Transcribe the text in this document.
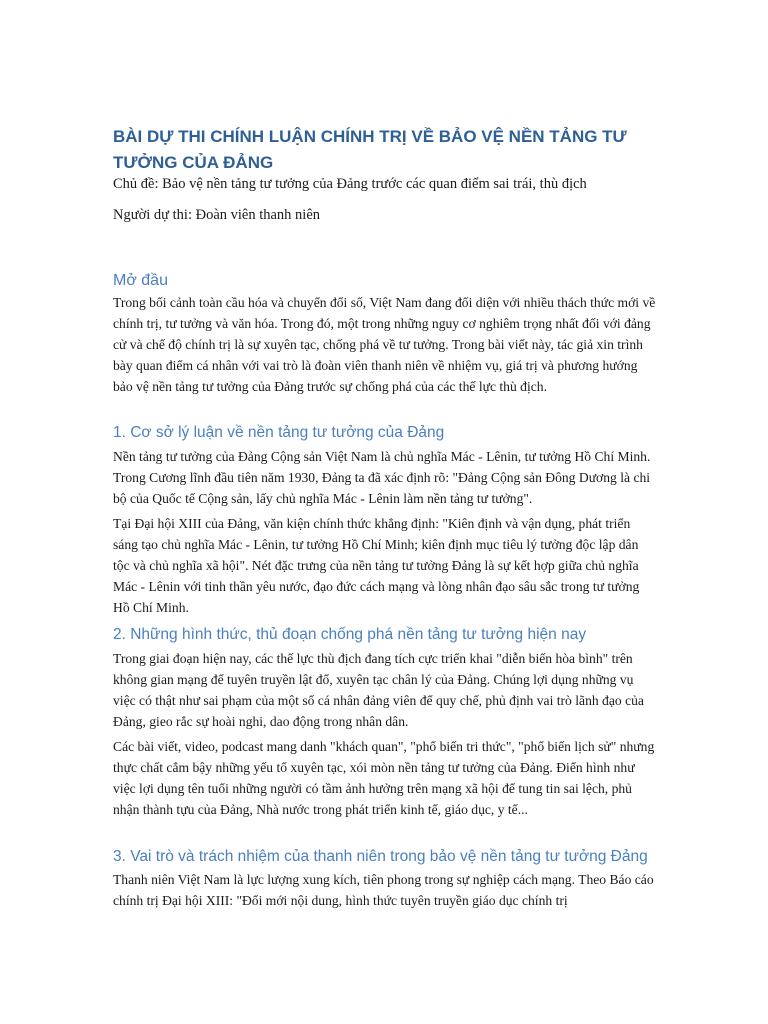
BÀI DỰ THI CHÍNH LUẬN CHÍNH TRỊ VỀ BẢO VỆ NỀN TẢNG TƯ TƯỞNG CỦA ĐẢNG

Chủ đề: Bảo vệ nền tảng tư tưởng của Đảng trước các quan điểm sai trái, thù địch

Người dự thi: Đoàn viên thanh niên

Mở đầu

Trong bối cảnh toàn cầu hóa và chuyển đổi số, Việt Nam đang đối diện với nhiều thách thức mới về chính trị, tư tưởng và văn hóa. Trong đó, một trong những nguy cơ nghiêm trọng nhất đối với đảng cử và chế độ chính trị là sự xuyên tạc, chống phá về tư tưởng. Trong bài viết này, tác giả xin trình bày quan điểm cá nhân với vai trò là đoàn viên thanh niên về nhiệm vụ, giá trị và phương hướng bảo vệ nền tảng tư tưởng của Đảng trước sự chống phá của các thế lực thù địch.

1. Cơ sở lý luận về nền tảng tư tưởng của Đảng

Nền tảng tư tưởng của Đảng Cộng sản Việt Nam là chủ nghĩa Mác - Lênin, tư tưởng Hồ Chí Minh. Trong Cương lĩnh đầu tiên năm 1930, Đảng ta đã xác định rõ: "Đảng Cộng sản Đông Dương là chi bộ của Quốc tế Cộng sản, lấy chủ nghĩa Mác - Lênin làm nền tảng tư tưởng".

Tại Đại hội XIII của Đảng, văn kiện chính thức khẳng định: "Kiên định và vận dụng, phát triển sáng tạo chủ nghĩa Mác - Lênin, tư tưởng Hồ Chí Minh; kiên định mục tiêu lý tưởng độc lập dân tộc và chủ nghĩa xã hội". Nét đặc trưng của nền tảng tư tưởng Đảng là sự kết hợp giữa chủ nghĩa Mác - Lênin với tinh thần yêu nước, đạo đức cách mạng và lòng nhân đạo sâu sắc trong tư tưởng Hồ Chí Minh.

2. Những hình thức, thủ đoạn chống phá nền tảng tư tưởng hiện nay

Trong giai đoạn hiện nay, các thế lực thù địch đang tích cực triển khai "diễn biến hòa bình" trên không gian mạng để tuyên truyền lật đổ, xuyên tạc chân lý của Đảng. Chúng lợi dụng những vụ việc có thật như sai phạm của một số cá nhân đảng viên để quy chế, phủ định vai trò lãnh đạo của Đảng, gieo rắc sự hoài nghi, dao động trong nhân dân.

Các bài viết, video, podcast mang danh "khách quan", "phổ biến tri thức", "phổ biến lịch sử" nhưng thực chất cắm bậy những yếu tố xuyên tạc, xói mòn nền tảng tư tưởng của Đảng. Điển hình như việc lợi dụng tên tuổi những người có tầm ảnh hưởng trên mạng xã hội để tung tin sai lệch, phủ nhận thành tựu của Đảng, Nhà nước trong phát triển kinh tế, giáo dục, y tế...

3. Vai trò và trách nhiệm của thanh niên trong bảo vệ nền tảng tư tưởng Đảng

Thanh niên Việt Nam là lực lượng xung kích, tiên phong trong sự nghiệp cách mạng. Theo Báo cáo chính trị Đại hội XIII: "Đổi mới nội dung, hình thức tuyên truyền giáo dục chính trị
